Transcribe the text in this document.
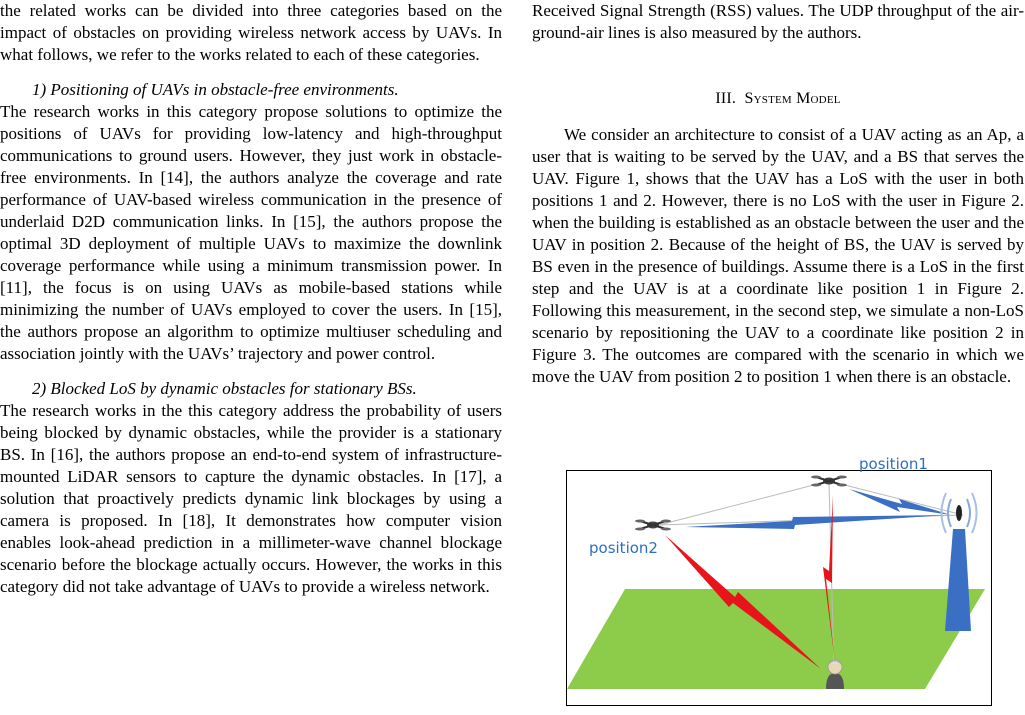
the related works can be divided into three categories based on the impact of obstacles on providing wireless network access by UAVs. In what follows, we refer to the works related to each of these categories.

1) Positioning of UAVs in obstacle-free environments.

The research works in this category propose solutions to optimize the positions of UAVs for providing low-latency and high-throughput communications to ground users. However, they just work in obstacle-free environments. In [14], the authors analyze the coverage and rate performance of UAV-based wireless communication in the presence of underlaid D2D communication links. In [15], the authors propose the optimal 3D deployment of multiple UAVs to maximize the downlink coverage performance while using a minimum transmission power. In [11], the focus is on using UAVs as mobile-based stations while minimizing the number of UAVs employed to cover the users. In [15], the authors propose an algorithm to optimize multiuser scheduling and association jointly with the UAVs’ trajectory and power control.

2) Blocked LoS by dynamic obstacles for stationary BSs.

The research works in the this category address the probability of users being blocked by dynamic obstacles, while the provider is a stationary BS. In [16], the authors propose an end-to-end system of infrastructure-mounted LiDAR sensors to capture the dynamic obstacles. In [17], a solution that proactively predicts dynamic link blockages by using a camera is proposed. In [18], It demonstrates how computer vision enables look-ahead prediction in a millimeter-wave channel blockage scenario before the blockage actually occurs. However, the works in this category did not take advantage of UAVs to provide a wireless network.

Received Signal Strength (RSS) values. The UDP throughput of the air-ground-air lines is also measured by the authors.

III. System Model

We consider an architecture to consist of a UAV acting as an Ap, a user that is waiting to be served by the UAV, and a BS that serves the UAV. Figure 1, shows that the UAV has a LoS with the user in both positions 1 and 2. However, there is no LoS with the user in Figure 2. when the building is established as an obstacle between the user and the UAV in position 2. Because of the height of BS, the UAV is served by BS even in the presence of buildings. Assume there is a LoS in the first step and the UAV is at a coordinate like position 1 in Figure 2. Following this measurement, in the second step, we simulate a non-LoS scenario by repositioning the UAV to a coordinate like position 2 in Figure 3. The outcomes are compared with the scenario in which we move the UAV from position 2 to position 1 when there is an obstacle.

position1
position2
